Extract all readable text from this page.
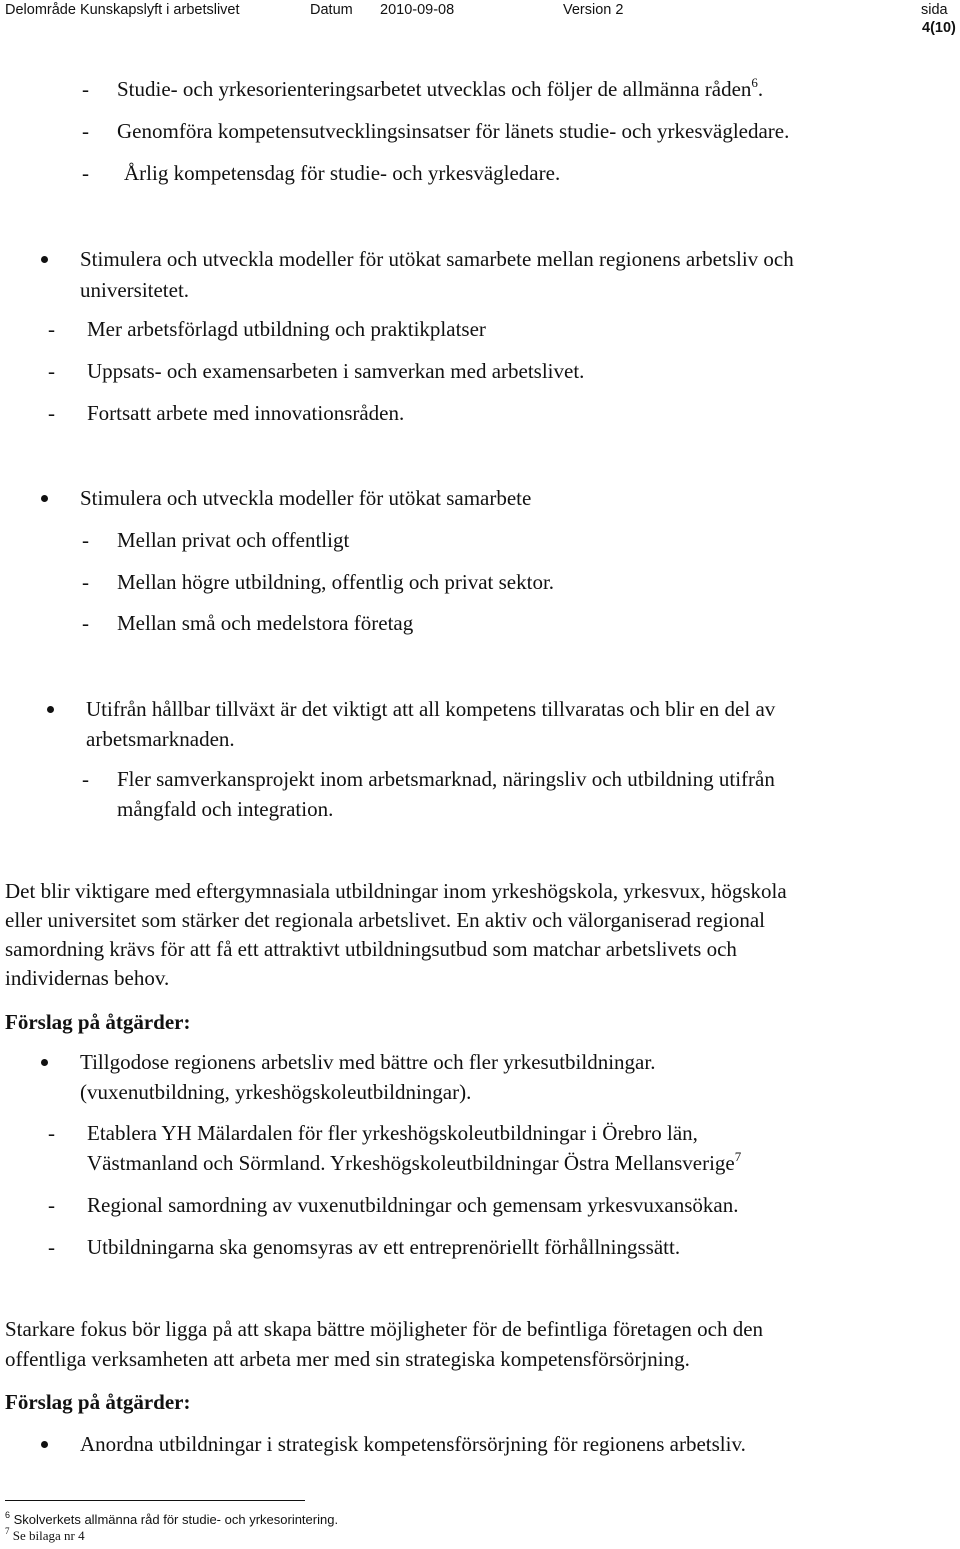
Delområde Kunskapslyft i arbetslivet	Datum 2010-09-08	Version 2	sida
4(10)
- Studie- och yrkesorienteringsarbetet utvecklas och följer de allmänna råden$^6$.
- Genomföra kompetensutvecklingsinsatser för länets studie- och yrkesvägledare.
- Årlig kompetensdag för studie- och yrkesvägledare.
Stimulera och utveckla modeller för utökat samarbete mellan regionens arbetsliv och
universitetet.
- Mer arbetsförlagd utbildning och praktikplatser
- Uppsats- och examensarbeten i samverkan med arbetslivet.
- Fortsatt arbete med innovationsråden.
Stimulera och utveckla modeller för utökat samarbete
- Mellan privat och offentligt
- Mellan högre utbildning, offentlig och privat sektor.
- Mellan små och medelstora företag
Utifrån hållbar tillväxt är det viktigt att all kompetens tillvaratas och blir en del av
arbetsmarknaden.
- Fler samverkansprojekt inom arbetsmarknad, näringsliv och utbildning utifrån
mångfald och integration.
Det blir viktigare med eftergymnasiala utbildningar inom yrkeshögskola, yrkesvux, högskola
eller universitet som stärker det regionala arbetslivet. En aktiv och välorganiserad regional
samordning krävs för att få ett attraktivt utbildningsutbud som matchar arbetslivets och
individernas behov.
Förslag på åtgärder:
Tillgodose regionens arbetsliv med bättre och fler yrkesutbildningar.
(vuxenutbildning, yrkeshögskoleutbildningar).
- Etablera YH Mälardalen för fler yrkeshögskoleutbildningar i Örebro län,
Västmanland och Sörmland. Yrkeshögskoleutbildningar Östra Mellansverige$^7$
- Regional samordning av vuxenutbildningar och gemensam yrkesvuxansökan.
- Utbildningarna ska genomsyras av ett entreprenöriellt förhållningssätt.
Starkare fokus bör ligga på att skapa bättre möjligheter för de befintliga företagen och den
offentliga verksamheten att arbeta mer med sin strategiska kompetensförsörjning.
Förslag på åtgärder:
Anordna utbildningar i strategisk kompetensförsörjning för regionens arbetsliv.
$^6$ Skolverkets allmänna råd för studie- och yrkesorintering.
$^7$ Se bilaga nr 4
